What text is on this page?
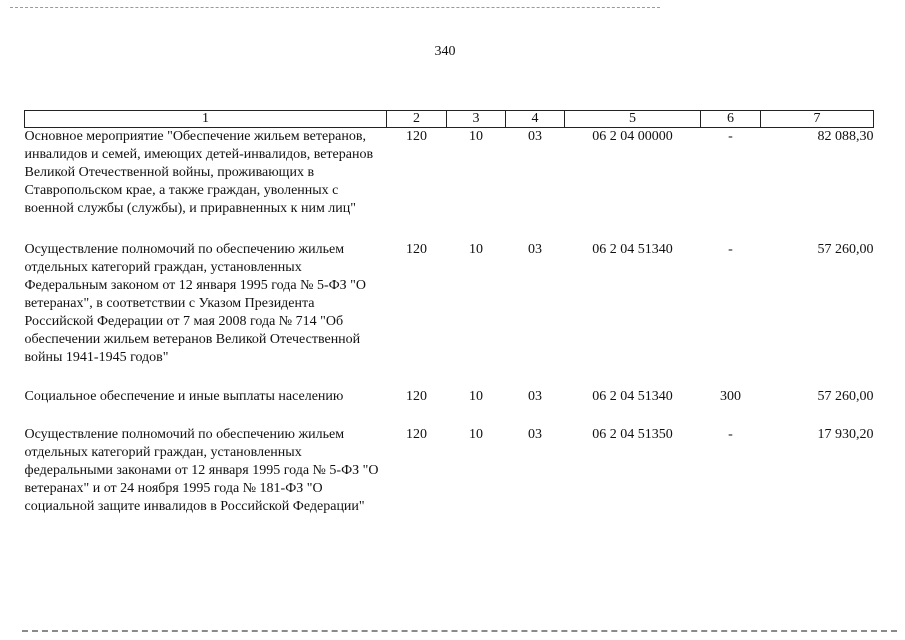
340
1	2	3	4	5	6	7
Основное мероприятие "Обеспечение жильем ветеранов, инвалидов и семей, имеющих детей-инвалидов, ветеранов Великой Отечественной войны, проживающих в Ставропольском крае, а также граждан, уволенных с военной службы (службы), и приравненных к ним лиц"	120	10	03	06 2 04 00000	-	82 088,30
Осуществление полномочий по обеспечению жильем отдельных категорий граждан, установленных Федеральным законом от 12 января 1995 года № 5-ФЗ "О ветеранах", в соответствии с Указом Президента Российской Федерации от 7 мая 2008 года № 714 "Об обеспечении жильем ветеранов Великой Отечественной войны 1941-1945 годов"	120	10	03	06 2 04 51340	-	57 260,00
Социальное обеспечение и иные выплаты населению	120	10	03	06 2 04 51340	300	57 260,00
Осуществление полномочий по обеспечению жильем отдельных категорий граждан, установленных федеральными законами от 12 января 1995 года № 5-ФЗ "О ветеранах" и от 24 ноября 1995 года № 181-ФЗ "О социальной защите инвалидов в Российской Федерации"	120	10	03	06 2 04 51350	-	17 930,20
